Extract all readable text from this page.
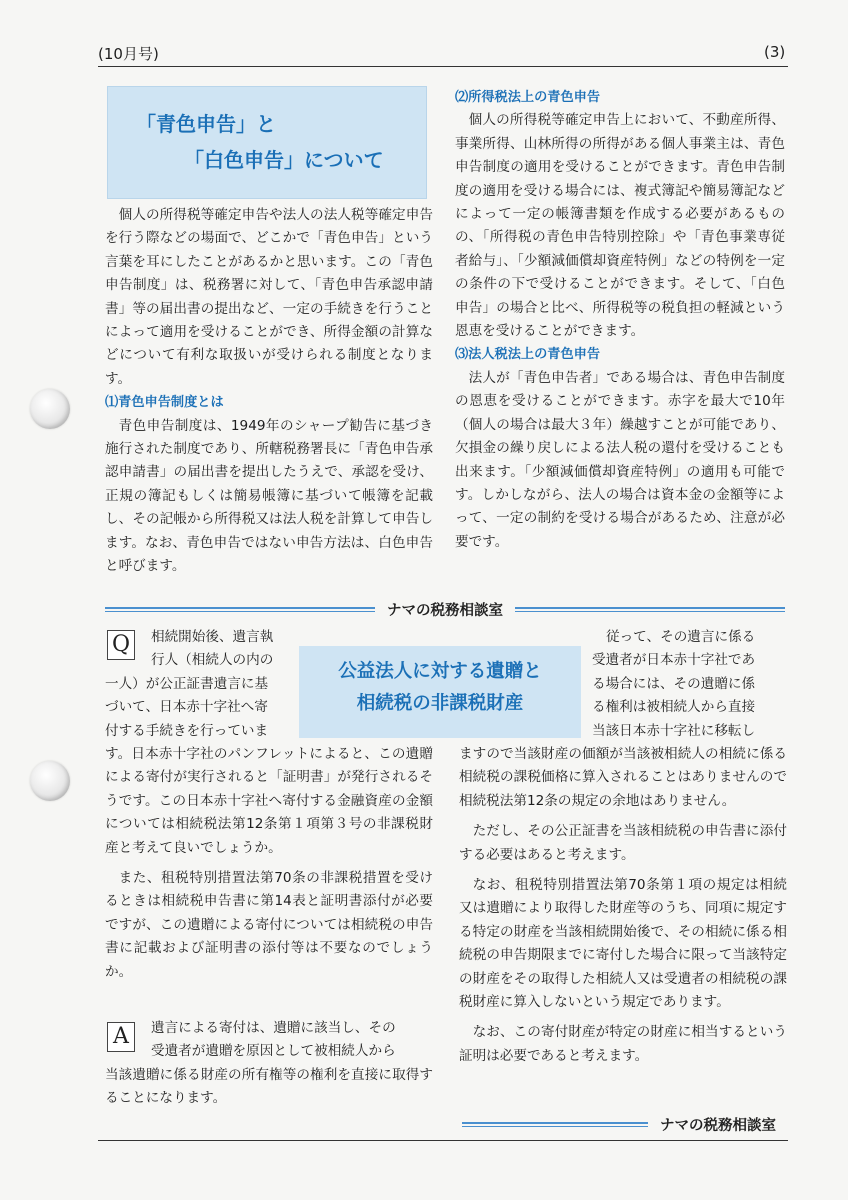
(10月号)	(3)
「青色申告」と
「白色申告」について

個人の所得税等確定申告や法人の法人税等確定申告を行う際などの場面で、どこかで「青色申告」という言葉を耳にしたことがあるかと思います。この「青色申告制度」は、税務署に対して、「青色申告承認申請書」等の届出書の提出など、一定の手続きを行うことによって適用を受けることができ、所得金額の計算などについて有利な取扱いが受けられる制度となります。

⑴青色申告制度とは

青色申告制度は、1949年のシャープ勧告に基づき施行された制度であり、所轄税務署長に「青色申告承認申請書」の届出書を提出したうえで、承認を受け、正規の簿記もしくは簡易帳簿に基づいて帳簿を記載し、その記帳から所得税又は法人税を計算して申告します。なお、青色申告ではない申告方法は、白色申告と呼びます。

⑵所得税法上の青色申告

個人の所得税等確定申告上において、不動産所得、事業所得、山林所得の所得がある個人事業主は、青色申告制度の適用を受けることができます。青色申告制度の適用を受ける場合には、複式簿記や簡易簿記などによって一定の帳簿書類を作成する必要があるものの、「所得税の青色申告特別控除」や「青色事業専従者給与」、「少額減価償却資産特例」などの特例を一定の条件の下で受けることができます。そして、「白色申告」の場合と比べ、所得税等の税負担の軽減という恩恵を受けることができます。

⑶法人税法上の青色申告

法人が「青色申告者」である場合は、青色申告制度の恩恵を受けることができます。赤字を最大で10年（個人の場合は最大３年）繰越すことが可能であり、欠損金の繰り戻しによる法人税の還付を受けることも出来ます。「少額減価償却資産特例」の適用も可能です。しかしながら、法人の場合は資本金の金額等によって、一定の制約を受ける場合があるため、注意が必要です。

ナマの税務相談室
公益法人に対する遺贈と
相続税の非課税財産
Q	相続開始後、遺言執
行人（相続人の内の
一人）が公正証書遺言に基
づいて、日本赤十字社へ寄
付する手続きを行っていま

す。日本赤十字社のパンフレットによると、この遺贈による寄付が実行されると「証明書」が発行されるそうです。この日本赤十字社へ寄付する金融資産の金額については相続税法第12条第１項第３号の非課税財産と考えて良いでしょうか。

また、租税特別措置法第70条の非課税措置を受けるときは相続税申告書に第14表と証明書添付が必要ですが、この遺贈による寄付については相続税の申告書に記載および証明書の添付等は不要なのでしょうか。

A	遺言による寄付は、遺贈に該当し、その
受遺者が遺贈を原因として被相続人から

当該遺贈に係る財産の所有権等の権利を直接に取得することになります。

従って、その遺言に係る
受遺者が日本赤十字社であ
る場合には、その遺贈に係
る権利は被相続人から直接
当該日本赤十字社に移転し

ますので当該財産の価額が当該被相続人の相続に係る相続税の課税価格に算入されることはありませんので相続税法第12条の規定の余地はありません。

ただし、その公正証書を当該相続税の申告書に添付する必要はあると考えます。

なお、租税特別措置法第70条第１項の規定は相続又は遺贈により取得した財産等のうち、同項に規定する特定の財産を当該相続開始後で、その相続に係る相続税の申告期限までに寄付した場合に限って当該特定の財産をその取得した相続人又は受遺者の相続税の課税財産に算入しないという規定であります。

なお、この寄付財産が特定の財産に相当するという証明は必要であると考えます。

ナマの税務相談室
